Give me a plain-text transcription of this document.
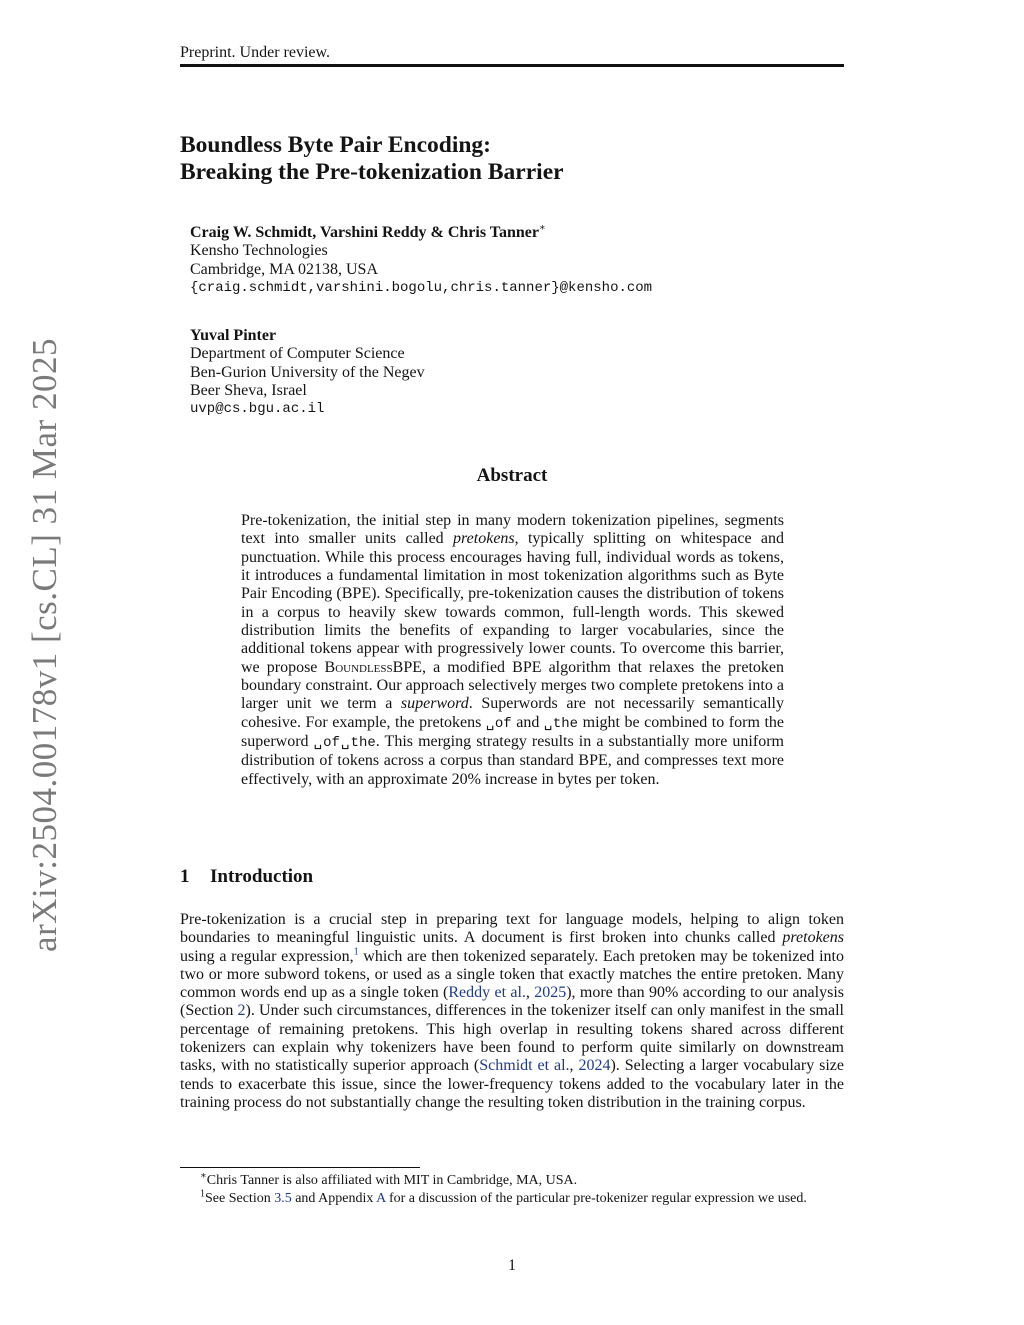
Preprint. Under review.
arXiv:2504.00178v1 [cs.CL] 31 Mar 2025
Boundless Byte Pair Encoding:
Breaking the Pre-tokenization Barrier
Craig W. Schmidt, Varshini Reddy & Chris Tanner∗
Kensho Technologies
Cambridge, MA 02138, USA
{craig.schmidt,varshini.bogolu,chris.tanner}@kensho.com
Yuval Pinter
Department of Computer Science
Ben-Gurion University of the Negev
Beer Sheva, Israel
uvp@cs.bgu.ac.il
Abstract

Pre-tokenization, the initial step in many modern tokenization pipelines, segments text into smaller units called pretokens, typically splitting on whitespace and punctuation. While this process encourages having full, individual words as tokens, it introduces a fundamental limitation in most tokenization algorithms such as Byte Pair Encoding (BPE). Specifically, pre-tokenization causes the distribution of tokens in a corpus to heavily skew towards common, full-length words. This skewed distribution limits the benefits of expanding to larger vocabularies, since the additional tokens appear with progressively lower counts. To overcome this barrier, we propose BoundlessBPE, a modified BPE algorithm that relaxes the pretoken boundary constraint. Our approach selectively merges two complete pretokens into a larger unit we term a superword. Superwords are not necessarily semantically cohesive. For example, the pretokens ␣of and ␣the might be combined to form the superword ␣of␣the. This merging strategy results in a substantially more uniform distribution of tokens across a corpus than standard BPE, and compresses text more effectively, with an approximate 20% increase in bytes per token.

1 Introduction

Pre-tokenization is a crucial step in preparing text for language models, helping to align token boundaries to meaningful linguistic units. A document is first broken into chunks called pretokens using a regular expression,$^1$ which are then tokenized separately. Each pretoken may be tokenized into two or more subword tokens, or used as a single token that exactly matches the entire pretoken. Many common words end up as a single token (Reddy et al., 2025), more than 90% according to our analysis (Section 2). Under such circumstances, differences in the tokenizer itself can only manifest in the small percentage of remaining pretokens. This high overlap in resulting tokens shared across different tokenizers can explain why tokenizers have been found to perform quite similarly on downstream tasks, with no statistically superior approach (Schmidt et al., 2024). Selecting a larger vocabulary size tends to exacerbate this issue, since the lower-frequency tokens added to the vocabulary later in the training process do not substantially change the resulting token distribution in the training corpus.

∗Chris Tanner is also affiliated with MIT in Cambridge, MA, USA.

$^1$See Section 3.5 and Appendix A for a discussion of the particular pre-tokenizer regular expression we used.

1
